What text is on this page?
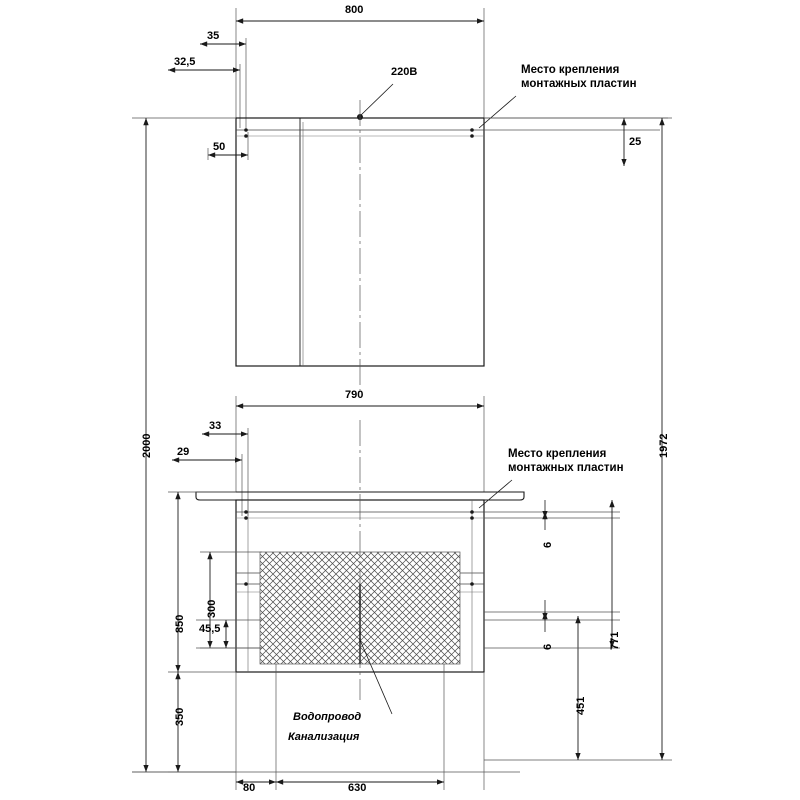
800
35
32,5
50	25
220В	Место крепления
монтажных пластин
2000	1972
790
33
29	Место крепления
монтажных пластин
6
6	771
451
850
300
350
45,5
Водопровод
Канализация
80	630
